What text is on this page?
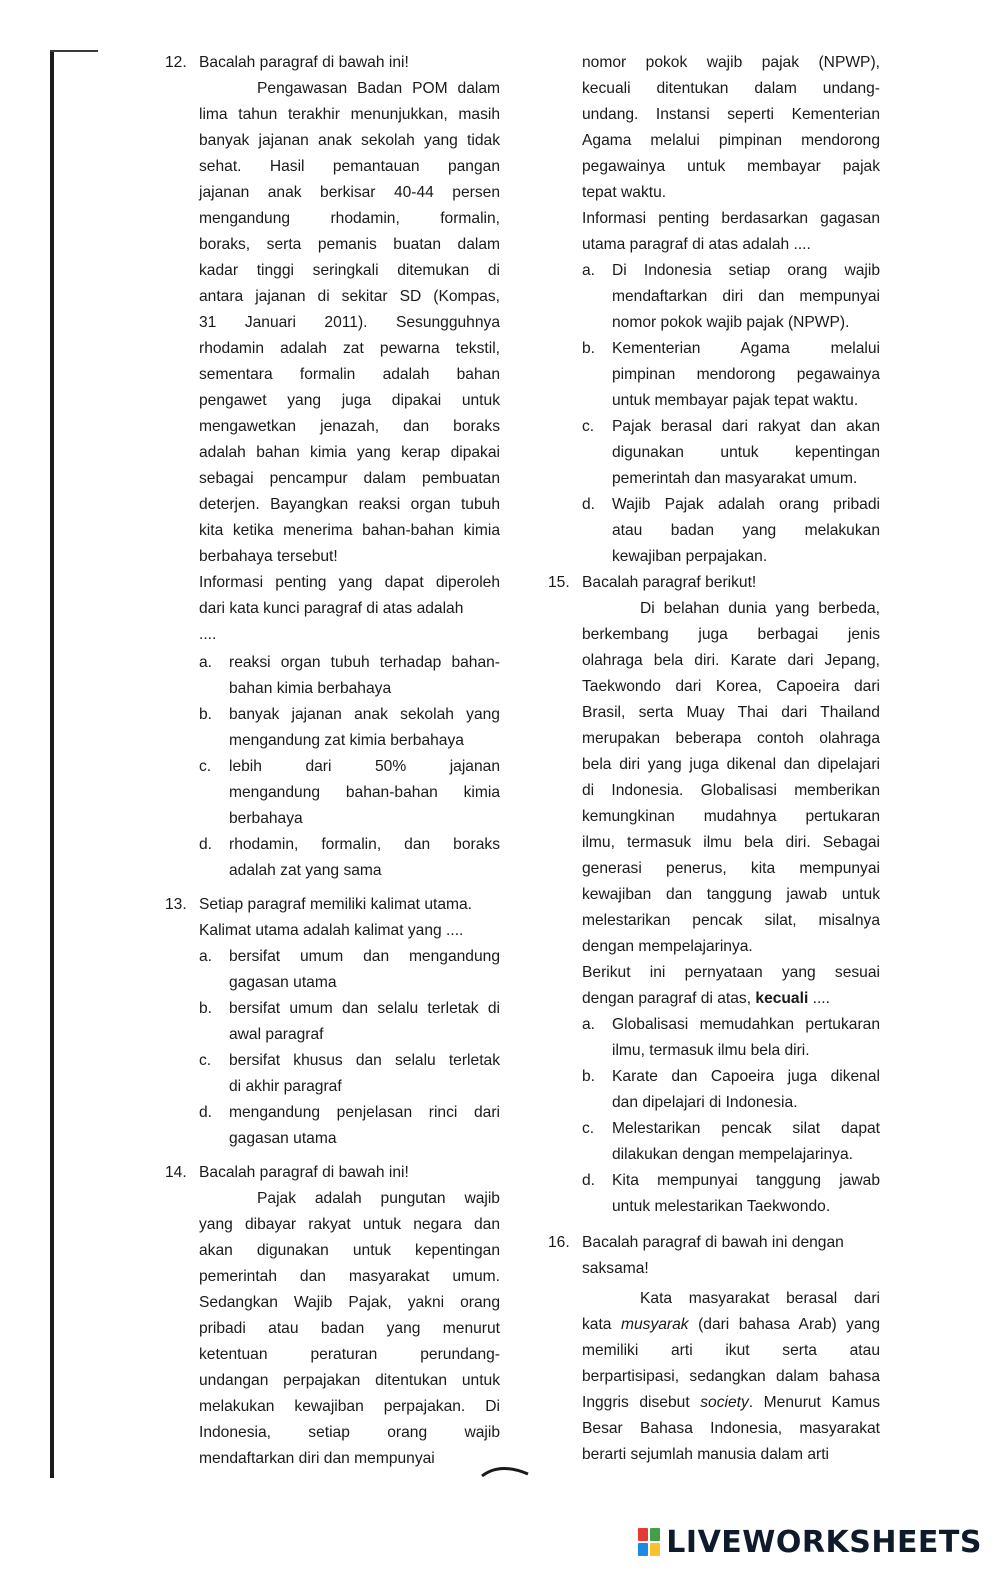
12. Bacalah paragraf di bawah ini!
Pengawasan Badan POM dalam
lima tahun terakhir menunjukkan, masih
banyak jajanan anak sekolah yang tidak
sehat. Hasil pemantauan pangan
jajanan anak berkisar 40-44 persen
mengandung rhodamin, formalin,
boraks, serta pemanis buatan dalam
kadar tinggi seringkali ditemukan di
antara jajanan di sekitar SD (Kompas,
31 Januari 2011). Sesungguhnya
rhodamin adalah zat pewarna tekstil,
sementara formalin adalah bahan
pengawet yang juga dipakai untuk
mengawetkan jenazah, dan boraks
adalah bahan kimia yang kerap dipakai
sebagai pencampur dalam pembuatan
deterjen. Bayangkan reaksi organ tubuh
kita ketika menerima bahan-bahan kimia
berbahaya tersebut!
Informasi penting yang dapat diperoleh
dari kata kunci paragraf di atas adalah
....
a.	reaksi organ tubuh terhadap bahan-
bahan kimia berbahaya
b.	banyak jajanan anak sekolah yang
mengandung zat kimia berbahaya
c.	lebih dari 50% jajanan
mengandung bahan-bahan kimia
berbahaya
d.	rhodamin, formalin, dan boraks
adalah zat yang sama
13. Setiap paragraf memiliki kalimat utama.
Kalimat utama adalah kalimat yang ....
a.	bersifat umum dan mengandung
gagasan utama
b.	bersifat umum dan selalu terletak di
awal paragraf
c.	bersifat khusus dan selalu terletak
di akhir paragraf
d.	mengandung penjelasan rinci dari
gagasan utama
14. Bacalah paragraf di bawah ini!
Pajak adalah pungutan wajib
yang dibayar rakyat untuk negara dan
akan digunakan untuk kepentingan
pemerintah dan masyarakat umum.
Sedangkan Wajib Pajak, yakni orang
pribadi atau badan yang menurut
ketentuan peraturan perundang-
undangan perpajakan ditentukan untuk
melakukan kewajiban perpajakan. Di
Indonesia, setiap orang wajib
mendaftarkan diri dan mempunyai
nomor pokok wajib pajak (NPWP),
kecuali ditentukan dalam undang-
undang. Instansi seperti Kementerian
Agama melalui pimpinan mendorong
pegawainya untuk membayar pajak
tepat waktu.
Informasi penting berdasarkan gagasan
utama paragraf di atas adalah ....
a.	Di Indonesia setiap orang wajib
mendaftarkan diri dan mempunyai
nomor pokok wajib pajak (NPWP).
b.	Kementerian Agama melalui
pimpinan mendorong pegawainya
untuk membayar pajak tepat waktu.
c.	Pajak berasal dari rakyat dan akan
digunakan untuk kepentingan
pemerintah dan masyarakat umum.
d.	Wajib Pajak adalah orang pribadi
atau badan yang melakukan
kewajiban perpajakan.
15. Bacalah paragraf berikut!
Di belahan dunia yang berbeda,
berkembang juga berbagai jenis
olahraga bela diri. Karate dari Jepang,
Taekwondo dari Korea, Capoeira dari
Brasil, serta Muay Thai dari Thailand
merupakan beberapa contoh olahraga
bela diri yang juga dikenal dan dipelajari
di Indonesia. Globalisasi memberikan
kemungkinan mudahnya pertukaran
ilmu, termasuk ilmu bela diri. Sebagai
generasi penerus, kita mempunyai
kewajiban dan tanggung jawab untuk
melestarikan pencak silat, misalnya
dengan mempelajarinya.
Berikut ini pernyataan yang sesuai
dengan paragraf di atas, kecuali ....
a.	Globalisasi memudahkan pertukaran
ilmu, termasuk ilmu bela diri.
b.	Karate dan Capoeira juga dikenal
dan dipelajari di Indonesia.
c.	Melestarikan pencak silat dapat
dilakukan dengan mempelajarinya.
d.	Kita mempunyai tanggung jawab
untuk melestarikan Taekwondo.
16. Bacalah paragraf di bawah ini dengan
saksama!
Kata masyarakat berasal dari
kata musyarak (dari bahasa Arab) yang
memiliki arti ikut serta atau
berpartisipasi, sedangkan dalam bahasa
Inggris disebut society. Menurut Kamus
Besar Bahasa Indonesia, masyarakat
berarti sejumlah manusia dalam arti
LIVEWORKSHEETS
